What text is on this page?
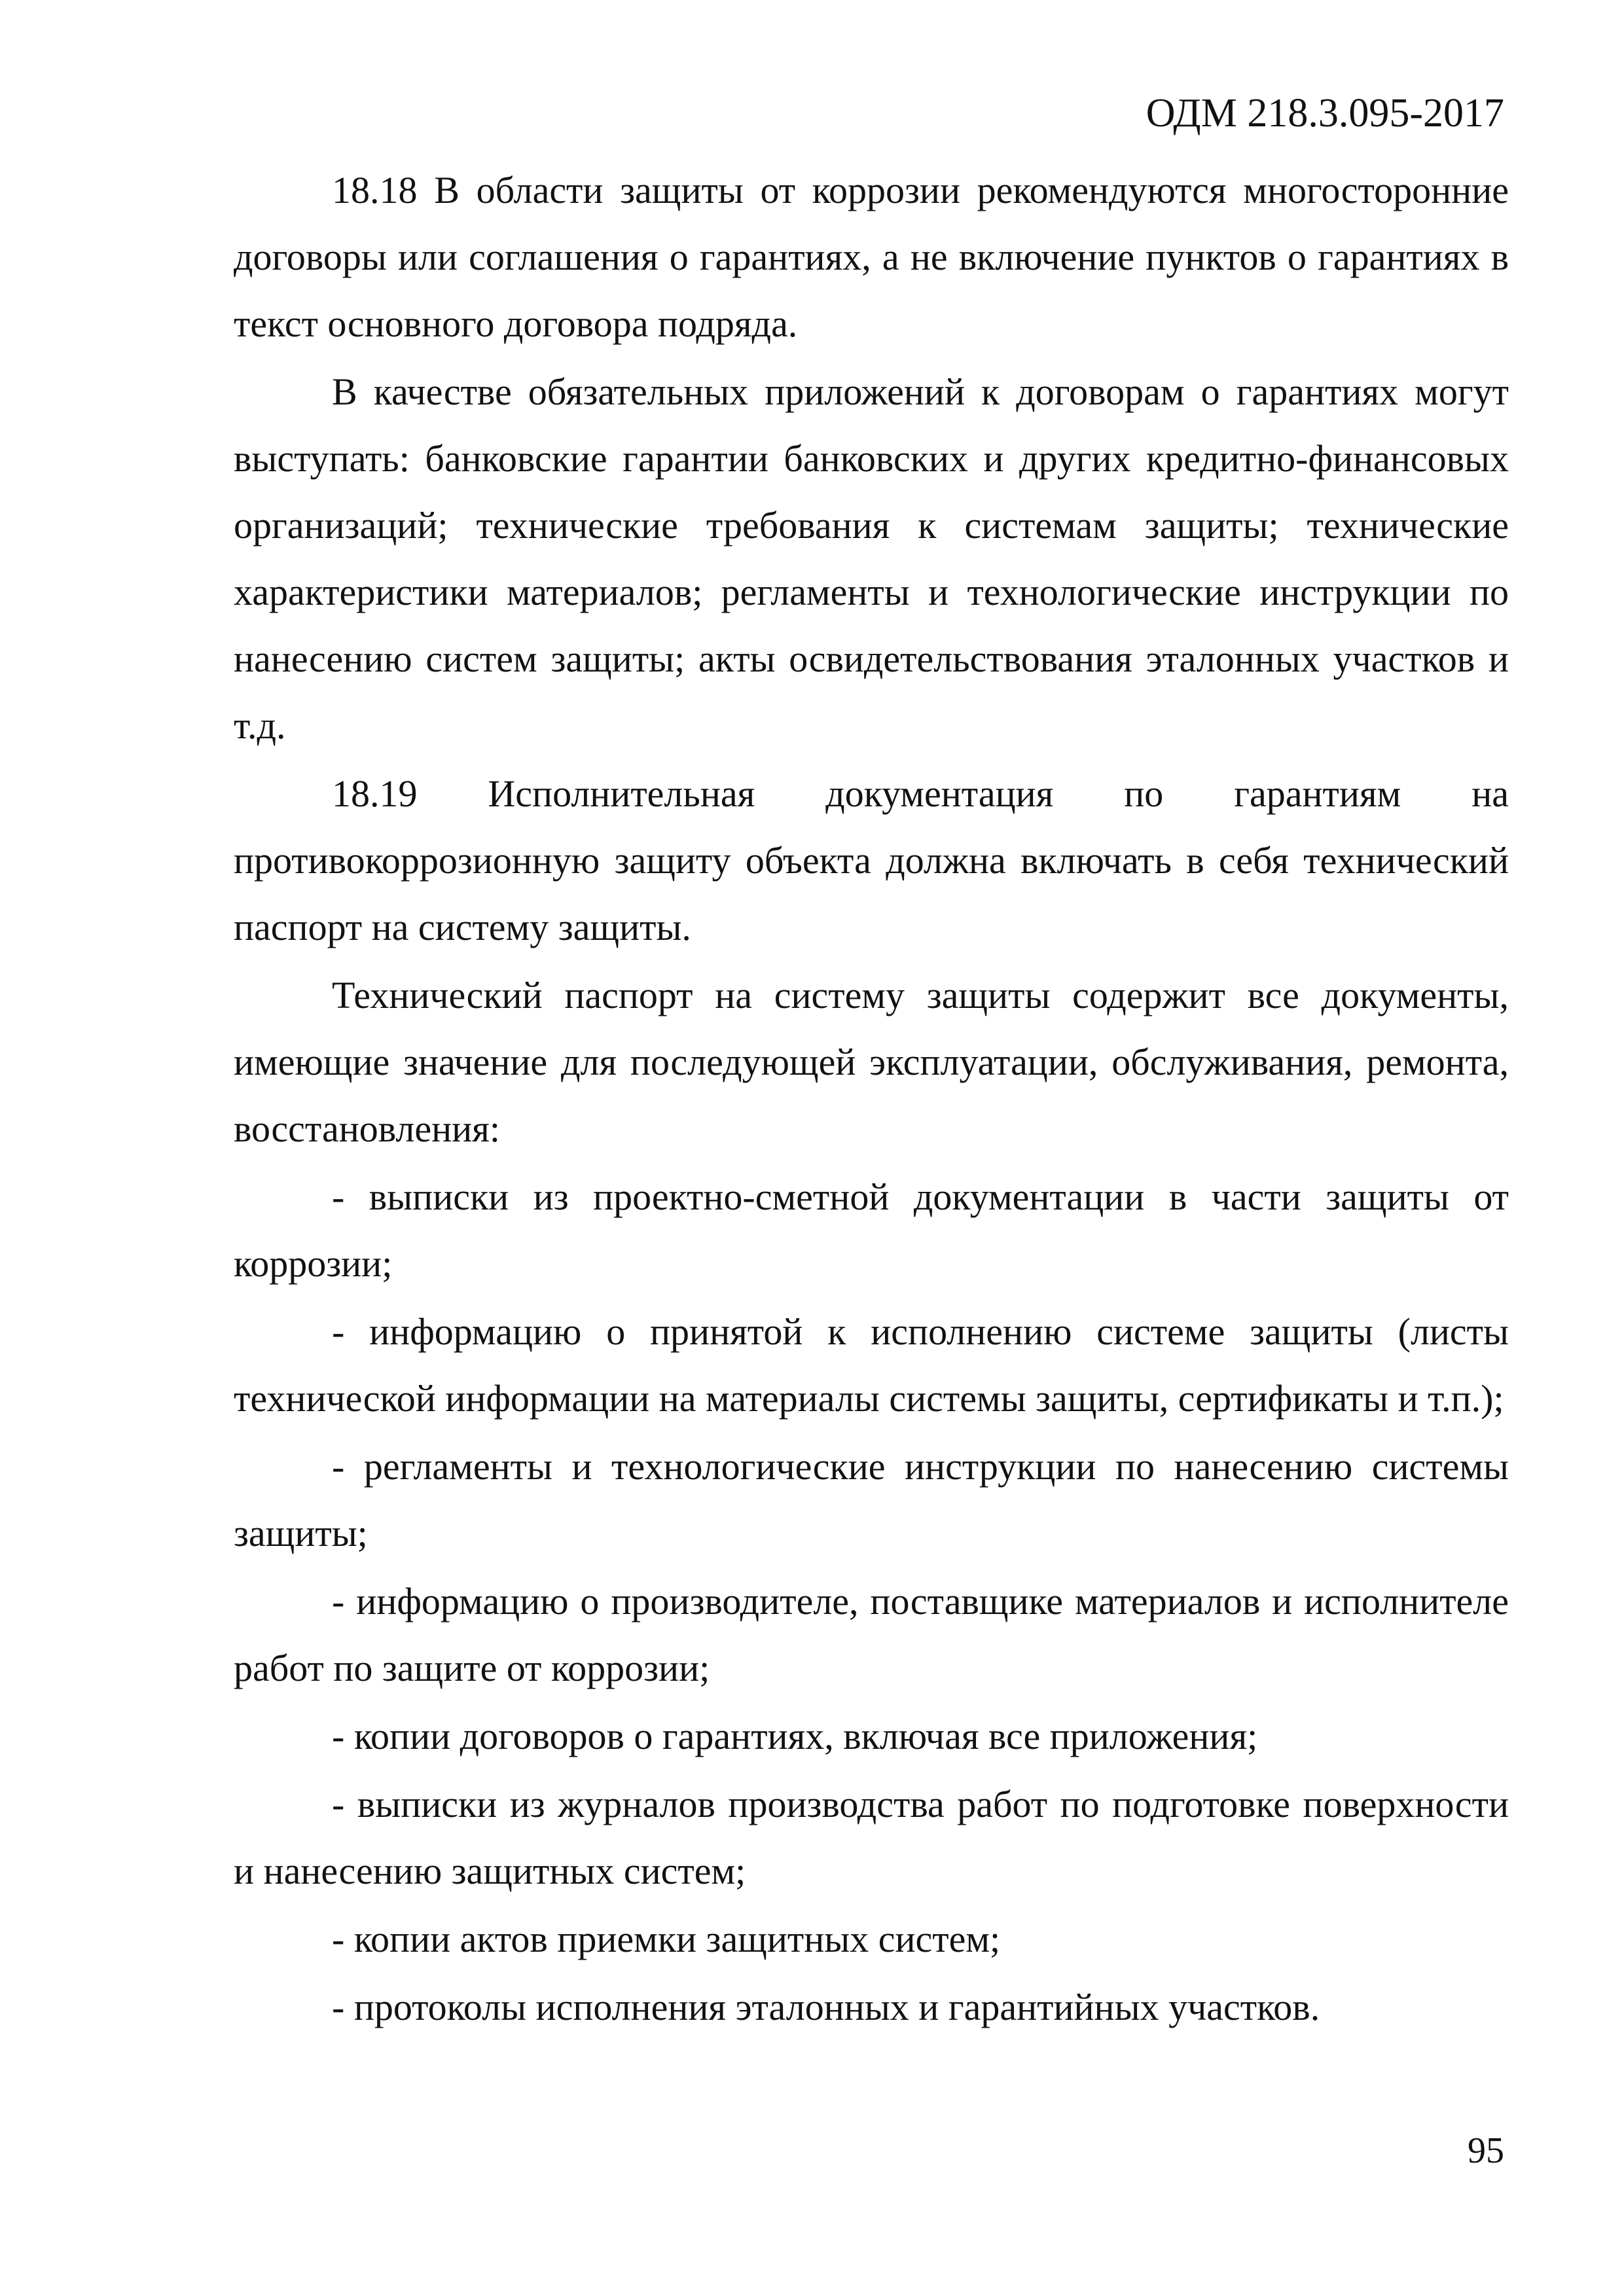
ОДМ 218.3.095-2017

18.18 В области защиты от коррозии рекомендуются многосторонние договоры или соглашения о гарантиях, а не включение пунктов о гарантиях в текст основного договора подряда.

В качестве обязательных приложений к договорам о гарантиях могут выступать: банковские гарантии банковских и других кредитно-финансовых организаций; технические требования к системам защиты; технические характеристики материалов; регламенты и технологические инструкции по нанесению систем защиты; акты освидетельствования эталонных участков и т.д.

18.19 Исполнительная документация по гарантиям на противокоррозионную защиту объекта должна включать в себя технический паспорт на систему защиты.

Технический паспорт на систему защиты содержит все документы, имеющие значение для последующей эксплуатации, обслуживания, ремонта, восстановления:

- выписки из проектно-сметной документации в части защиты от коррозии;

- информацию о принятой к исполнению системе защиты (листы технической информации на материалы системы защиты, сертификаты и т.п.);

- регламенты и технологические инструкции по нанесению системы защиты;

- информацию о производителе, поставщике материалов и исполнителе работ по защите от коррозии;

- копии договоров о гарантиях, включая все приложения;

- выписки из журналов производства работ по подготовке поверхности и нанесению защитных систем;

- копии актов приемки защитных систем;

- протоколы исполнения эталонных и гарантийных участков.

95
